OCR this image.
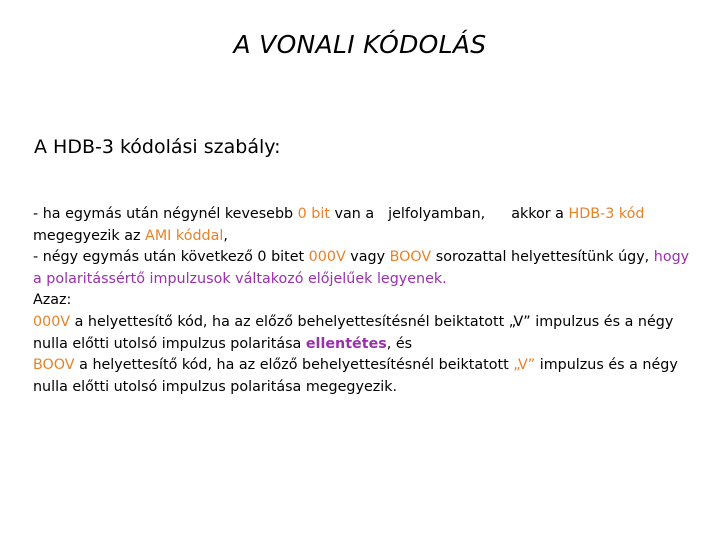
A VONALI KÓDOLÁS
A HDB-3 kódolási szabály:
- ha egymás után négynél kevesebb 0 bit van a jelfolyamban, akkor a HDB-3 kód
megegyezik az AMI kóddal,
- négy egymás után következő 0 bitet 000V vagy BOOV sorozattal helyettesítünk úgy, hogy
a polaritássértő impulzusok váltakozó előjelűek legyenek.
Azaz:
000V a helyettesítő kód, ha az előző behelyettesítésnél beiktatott „V” impulzus és a négy
nulla előtti utolsó impulzus polaritása ellentétes, és
BOOV a helyettesítő kód, ha az előző behelyettesítésnél beiktatott „V” impulzus és a négy
nulla előtti utolsó impulzus polaritása megegyezik.
